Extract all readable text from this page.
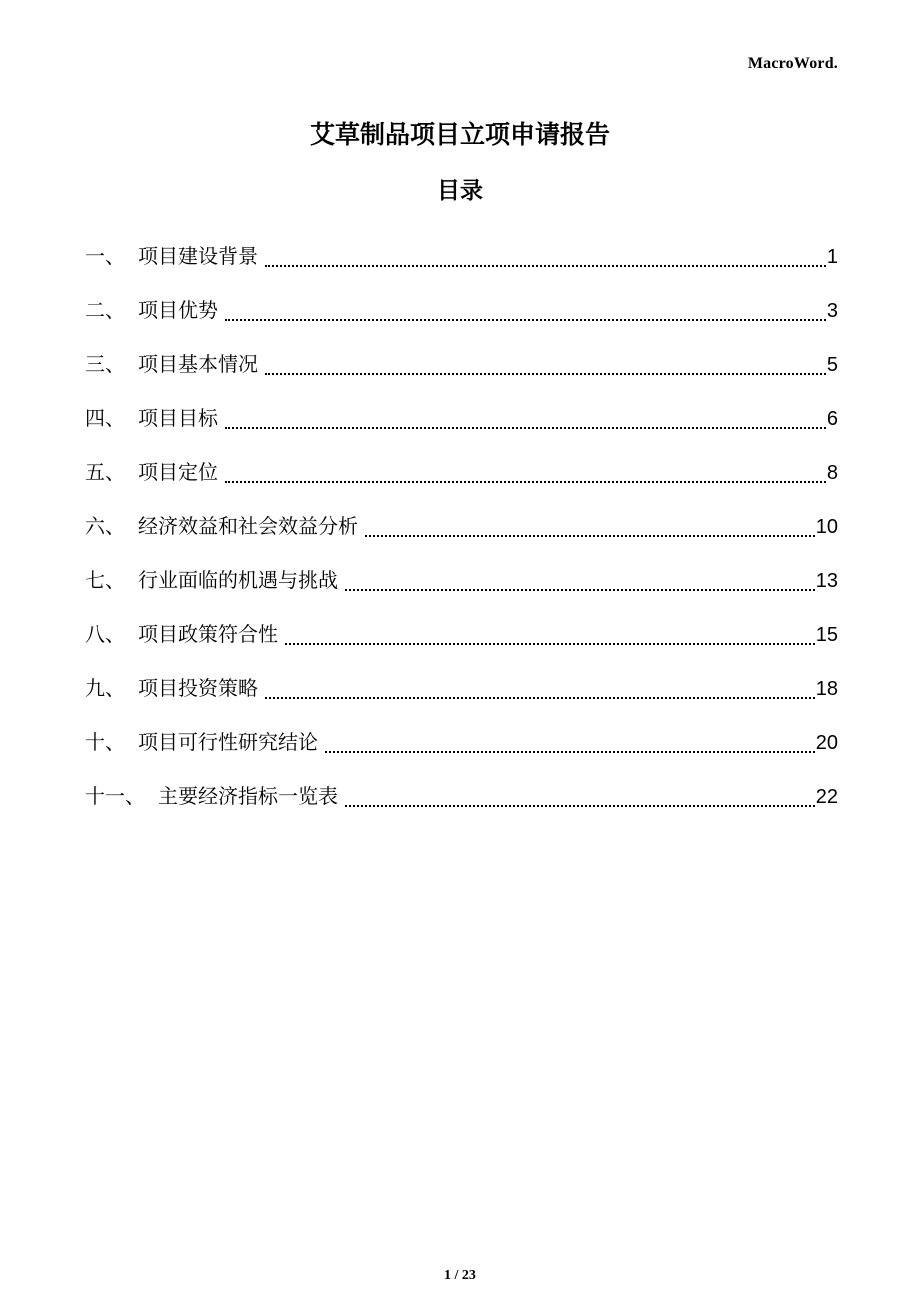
MacroWord.
艾草制品项目立项申请报告
目录
一、 项目建设背景	1
二、 项目优势	3
三、 项目基本情况	5
四、 项目目标	6
五、 项目定位	8
六、 经济效益和社会效益分析	10
七、 行业面临的机遇与挑战	13
八、 项目政策符合性	15
九、 项目投资策略	18
十、 项目可行性研究结论	20
十一、 主要经济指标一览表	22
1 / 23
